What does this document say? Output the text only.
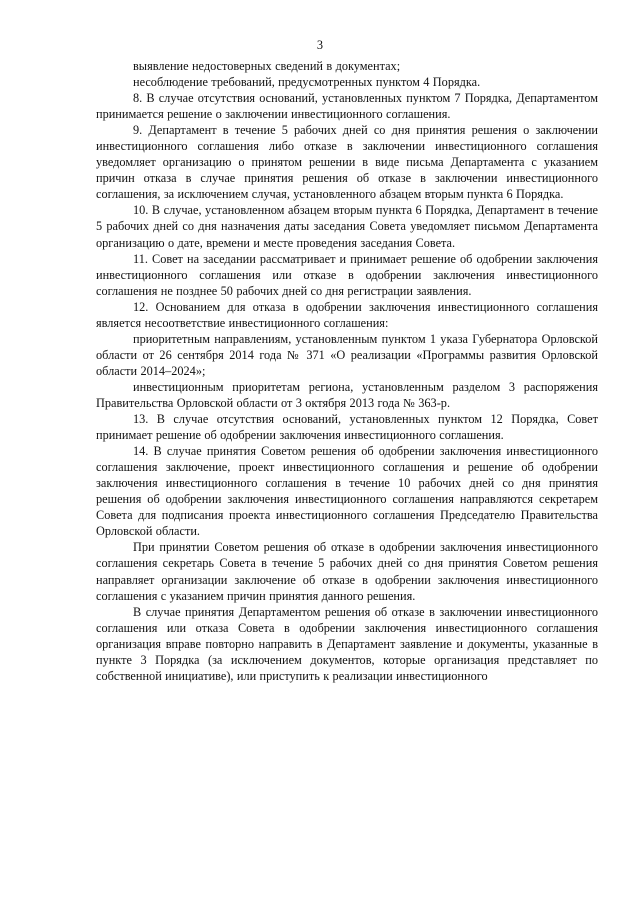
3

выявление недостоверных сведений в документах;

несоблюдение требований, предусмотренных пунктом 4 Порядка.

8. В случае отсутствия оснований, установленных пунктом 7 Порядка, Департаментом принимается решение о заключении инвестиционного соглашения.

9. Департамент в течение 5 рабочих дней со дня принятия решения о заключении инвестиционного соглашения либо отказе в заключении инвестиционного соглашения уведомляет организацию о принятом решении в виде письма Департамента с указанием причин отказа в случае принятия решения об отказе в заключении инвестиционного соглашения, за исключением случая, установленного абзацем вторым пункта 6 Порядка.

10. В случае, установленном абзацем вторым пункта 6 Порядка, Департамент в течение 5 рабочих дней со дня назначения даты заседания Совета уведомляет письмом Департамента организацию о дате, времени и месте проведения заседания Совета.

11. Совет на заседании рассматривает и принимает решение об одобрении заключения инвестиционного соглашения или отказе в одобрении заключения инвестиционного соглашения не позднее 50 рабочих дней со дня регистрации заявления.

12. Основанием для отказа в одобрении заключения инвестиционного соглашения является несоответствие инвестиционного соглашения:

приоритетным направлениям, установленным пунктом 1 указа Губернатора Орловской области от 26 сентября 2014 года № 371 «О реализации «Программы развития Орловской области 2014–2024»;

инвестиционным приоритетам региона, установленным разделом 3 распоряжения Правительства Орловской области от 3 октября 2013 года № 363-р.

13. В случае отсутствия оснований, установленных пунктом 12 Порядка, Совет принимает решение об одобрении заключения инвестиционного соглашения.

14. В случае принятия Советом решения об одобрении заключения инвестиционного соглашения заключение, проект инвестиционного соглашения и решение об одобрении заключения инвестиционного соглашения в течение 10 рабочих дней со дня принятия решения об одобрении заключения инвестиционного соглашения направляются секретарем Совета для подписания проекта инвестиционного соглашения Председателю Правительства Орловской области.

При принятии Советом решения об отказе в одобрении заключения инвестиционного соглашения секретарь Совета в течение 5 рабочих дней со дня принятия Советом решения направляет организации заключение об отказе в одобрении заключения инвестиционного соглашения с указанием причин принятия данного решения.

В случае принятия Департаментом решения об отказе в заключении инвестиционного соглашения или отказа Совета в одобрении заключения инвестиционного соглашения организация вправе повторно направить в Департамент заявление и документы, указанные в пункте 3 Порядка (за исключением документов, которые организация представляет по собственной инициативе), или приступить к реализации инвестиционного
